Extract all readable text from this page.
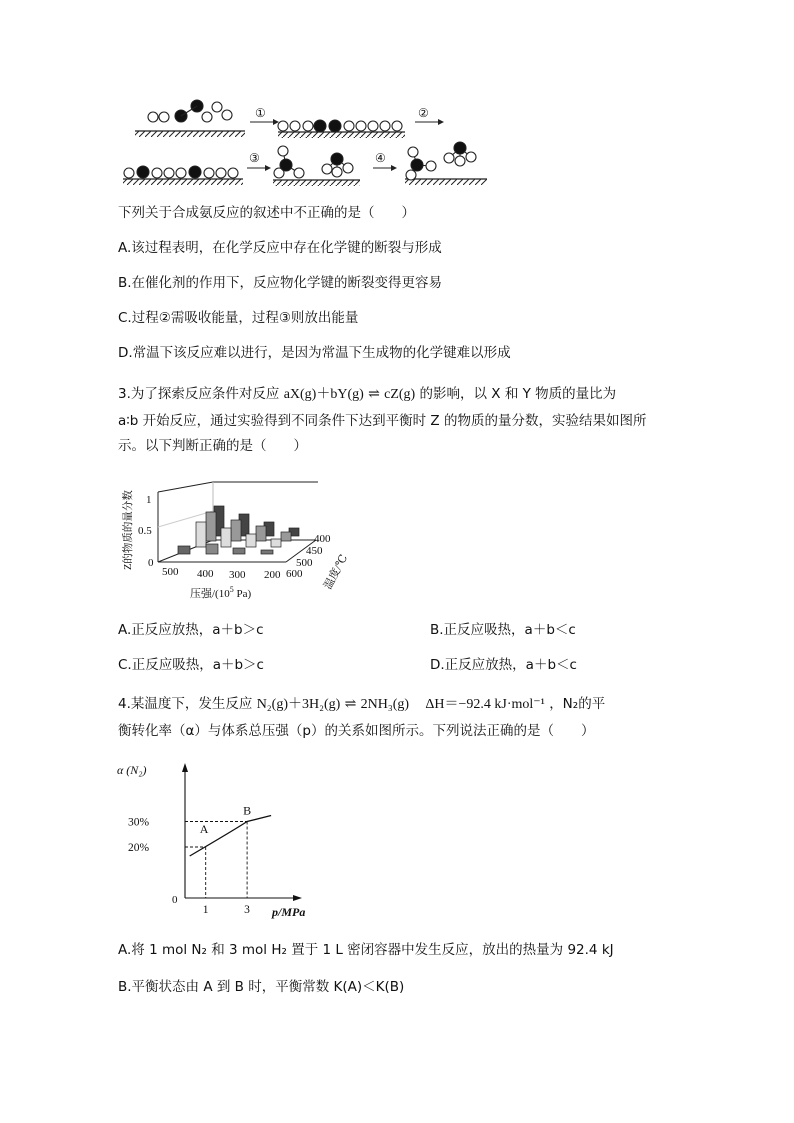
①	②
③	④
下列关于合成氨反应的叙述中不正确的是（　　）
A.该过程表明，在化学反应中存在化学键的断裂与形成
B.在催化剂的作用下，反应物化学键的断裂变得更容易
C.过程②需吸收能量，过程③则放出能量
D.常温下该反应难以进行，是因为常温下生成物的化学键难以形成
3.为了探索反应条件对反应 aX(g)＋bY(g) ⇌ cZ(g) 的影响，以 X 和 Y 物质的量比为
a∶b 开始反应，通过实验得到不同条件下达到平衡时 Z 的物质的量分数，实验结果如图所
示。以下判断正确的是（　　）
Z的物质的量分数 1
0.5
0
500 400 300 200
压强$/(10^5$ Pa)
400
450
500
600 温度/℃
A.正反应放热，a＋b＞c	B.正反应吸热，a＋b＜c
C.正反应吸热，a＋b＞c	D.正反应放热，a＋b＜c
4.某温度下，发生反应 N₂(g)＋3H₂(g) ⇌ 2NH₃(g) ΔH＝−92.4 kJ·mol⁻¹ ，N₂的平
衡转化率（α）与体系总压强（p）的关系如图所示。下列说法正确的是（　　）
α (N₂)
0
A
B
30%
20%
1	3 p/MPa
A.将 1 mol N₂ 和 3 mol H₂ 置于 1 L 密闭容器中发生反应，放出的热量为 92.4 kJ
B.平衡状态由 A 到 B 时，平衡常数 K(A)＜K(B)
